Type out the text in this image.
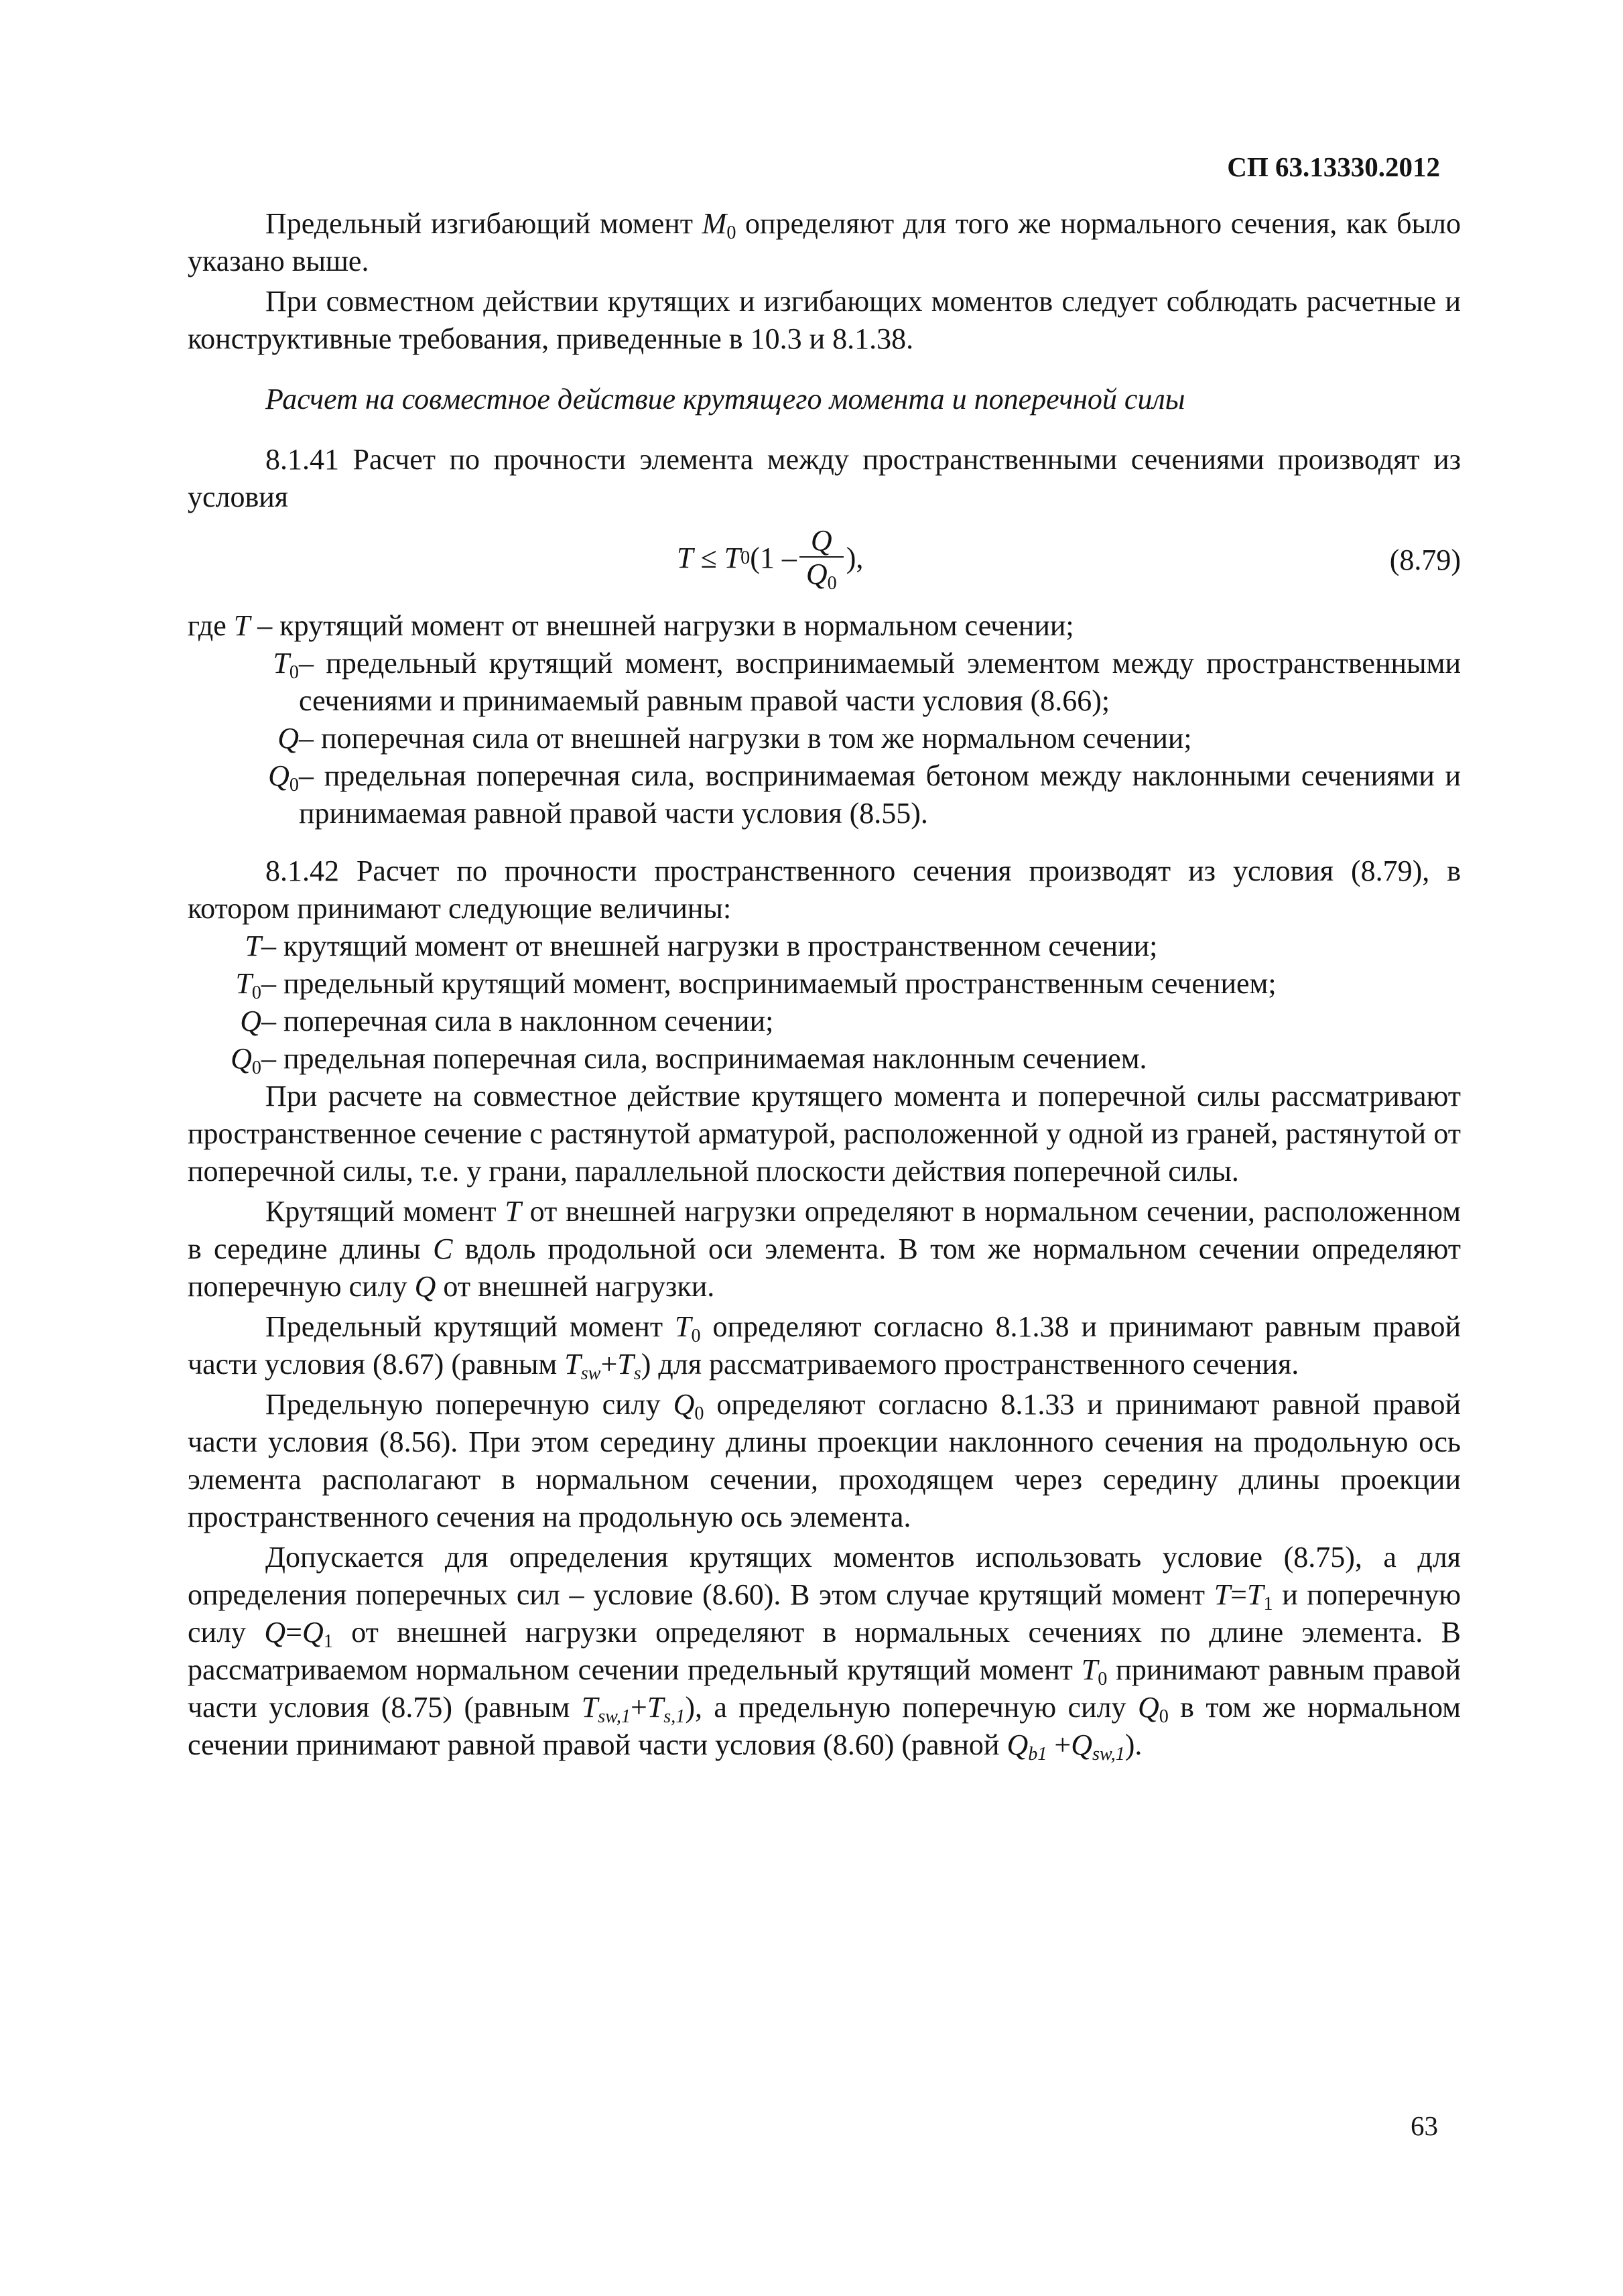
СП 63.13330.2012

Предельный изгибающий момент $M_0$ определяют для того же нормального сечения, как было указано выше.

При совместном действии крутящих и изгибающих моментов следует соблюдать расчетные и конструктивные требования, приведенные в 10.3 и 8.1.38.

Расчет на совместное действие крутящего момента и поперечной силы

8.1.41 Расчет по прочности элемента между пространственными сечениями производят из условия

T ≤ T 0 ($1 - \frac{Q}{Q_0}$ ),	(8.79)

где T – крутящий момент от внешней нагрузки в нормальном сечении;

$T_0$ – предельный крутящий момент, воспринимаемый элементом между пространственными сечениями и принимаемый равным правой части условия (8.66);
Q – поперечная сила от внешней нагрузки в том же нормальном сечении;
$Q_0$ – предельная поперечная сила, воспринимаемая бетоном между наклонными сечениями и принимаемая равной правой части условия (8.55).

8.1.42 Расчет по прочности пространственного сечения производят из условия (8.79), в котором принимают следующие величины:

T – крутящий момент от внешней нагрузки в пространственном сечении;
$T_0$ – предельный крутящий момент, воспринимаемый пространственным сечением;
Q – поперечная сила в наклонном сечении;
$Q_0$ – предельная поперечная сила, воспринимаемая наклонным сечением.

При расчете на совместное действие крутящего момента и поперечной силы рассматривают пространственное сечение с растянутой арматурой, расположенной у одной из граней, растянутой от поперечной силы, т.е. у грани, параллельной плоскости действия поперечной силы.

Крутящий момент T от внешней нагрузки определяют в нормальном сечении, расположенном в середине длины C вдоль продольной оси элемента. В том же нормальном сечении определяют поперечную силу Q от внешней нагрузки.

Предельный крутящий момент $T_0$ определяют согласно 8.1.38 и принимают равным правой части условия (8.67) (равным $T_{sw}+T_s$) для рассматриваемого пространственного сечения.

Предельную поперечную силу $Q_0$ определяют согласно 8.1.33 и принимают равной правой части условия (8.56). При этом середину длины проекции наклонного сечения на продольную ось элемента располагают в нормальном сечении, проходящем через середину длины проекции пространственного сечения на продольную ось элемента.

Допускается для определения крутящих моментов использовать условие (8.75), а для определения поперечных сил – условие (8.60). В этом случае крутящий момент $T=T_1$ и поперечную силу $Q=Q_1$ от внешней нагрузки определяют в нормальных сечениях по длине элемента. В рассматриваемом нормальном сечении предельный крутящий момент $T_0$ принимают равным правой части условия (8.75) (равным $T_{sw,1}+T_{s,1}$), а предельную поперечную силу $Q_0$ в том же нормальном сечении принимают равной правой части условия (8.60) (равной $Q_{b1} +Q_{sw,1}$).

63
